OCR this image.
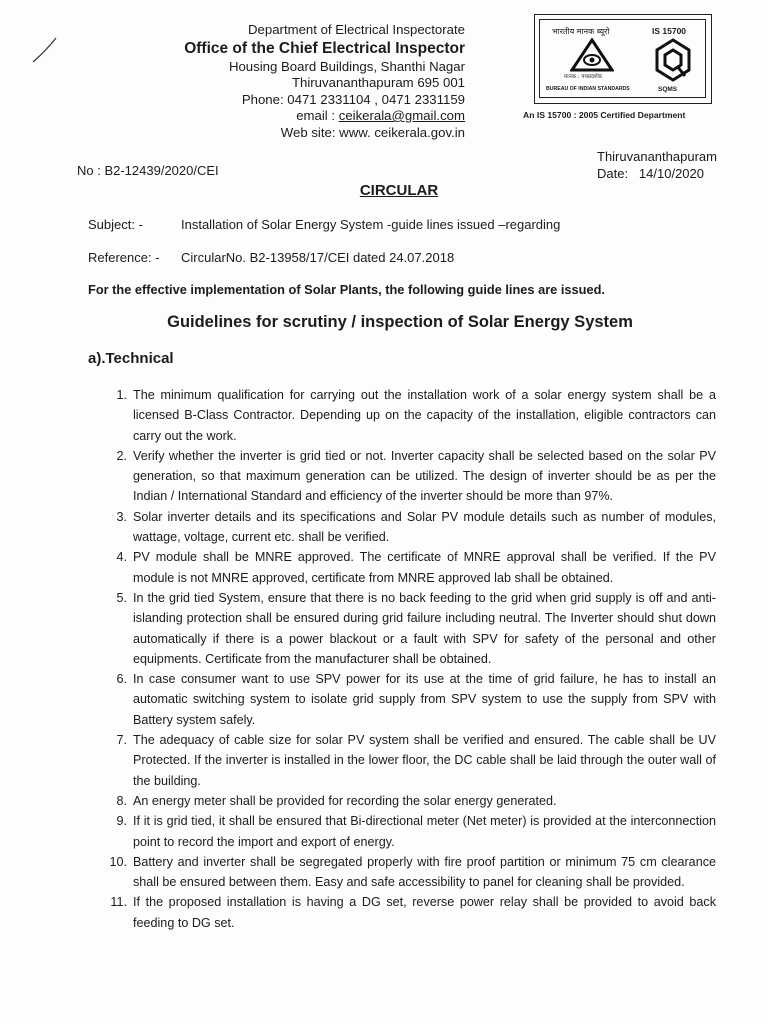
Department of Electrical Inspectorate
Office of the Chief Electrical Inspector
Housing Board Buildings, Shanthi Nagar
Thiruvananthapuram 695 001
Phone: 0471 2331104 , 0471 2331159
email : ceikerala@gmail.com
Web site: www. ceikerala.gov.in
भारतीय मानक ब्यूरो	IS 15700
मानक : पथप्रदर्शक
BUREAU OF INDIAN STANDARDS	SQMS
An IS 15700 : 2005 Certified Department
No : B2-12439/2020/CEI
Thiruvananthapuram
Date: 14/10/2020
CIRCULAR
Subject: -	Installation of Solar Energy System -guide lines issued –regarding
Reference: - CircularNo. B2-13958/17/CEI dated 24.07.2018
For the effective implementation of Solar Plants, the following guide lines are issued.
Guidelines for scrutiny / inspection of Solar Energy System
a).Technical
1. The minimum qualification for carrying out the installation work of a solar energy system shall be a licensed B-Class Contractor. Depending up on the capacity of the installation, eligible contractors can carry out the work.
2. Verify whether the inverter is grid tied or not. Inverter capacity shall be selected based on the solar PV generation, so that maximum generation can be utilized. The design of inverter should be as per the Indian / International Standard and efficiency of the inverter should be more than 97%.
3. Solar inverter details and its specifications and Solar PV module details such as number of modules, wattage, voltage, current etc. shall be verified.
4. PV module shall be MNRE approved. The certificate of MNRE approval shall be verified. If the PV module is not MNRE approved, certificate from MNRE approved lab shall be obtained.
5. In the grid tied System, ensure that there is no back feeding to the grid when grid supply is off and anti-islanding protection shall be ensured during grid failure including neutral. The Inverter should shut down automatically if there is a power blackout or a fault with SPV for safety of the personal and other equipments. Certificate from the manufacturer shall be obtained.
6. In case consumer want to use SPV power for its use at the time of grid failure, he has to install an automatic switching system to isolate grid supply from SPV system to use the supply from SPV with Battery system safely.
7. The adequacy of cable size for solar PV system shall be verified and ensured. The cable shall be UV Protected. If the inverter is installed in the lower floor, the DC cable shall be laid through the outer wall of the building.
8. An energy meter shall be provided for recording the solar energy generated.
9. If it is grid tied, it shall be ensured that Bi-directional meter (Net meter) is provided at the interconnection point to record the import and export of energy.
10. Battery and inverter shall be segregated properly with fire proof partition or minimum 75 cm clearance shall be ensured between them. Easy and safe accessibility to panel for cleaning shall be provided.
11. If the proposed installation is having a DG set, reverse power relay shall be provided to avoid back feeding to DG set.
